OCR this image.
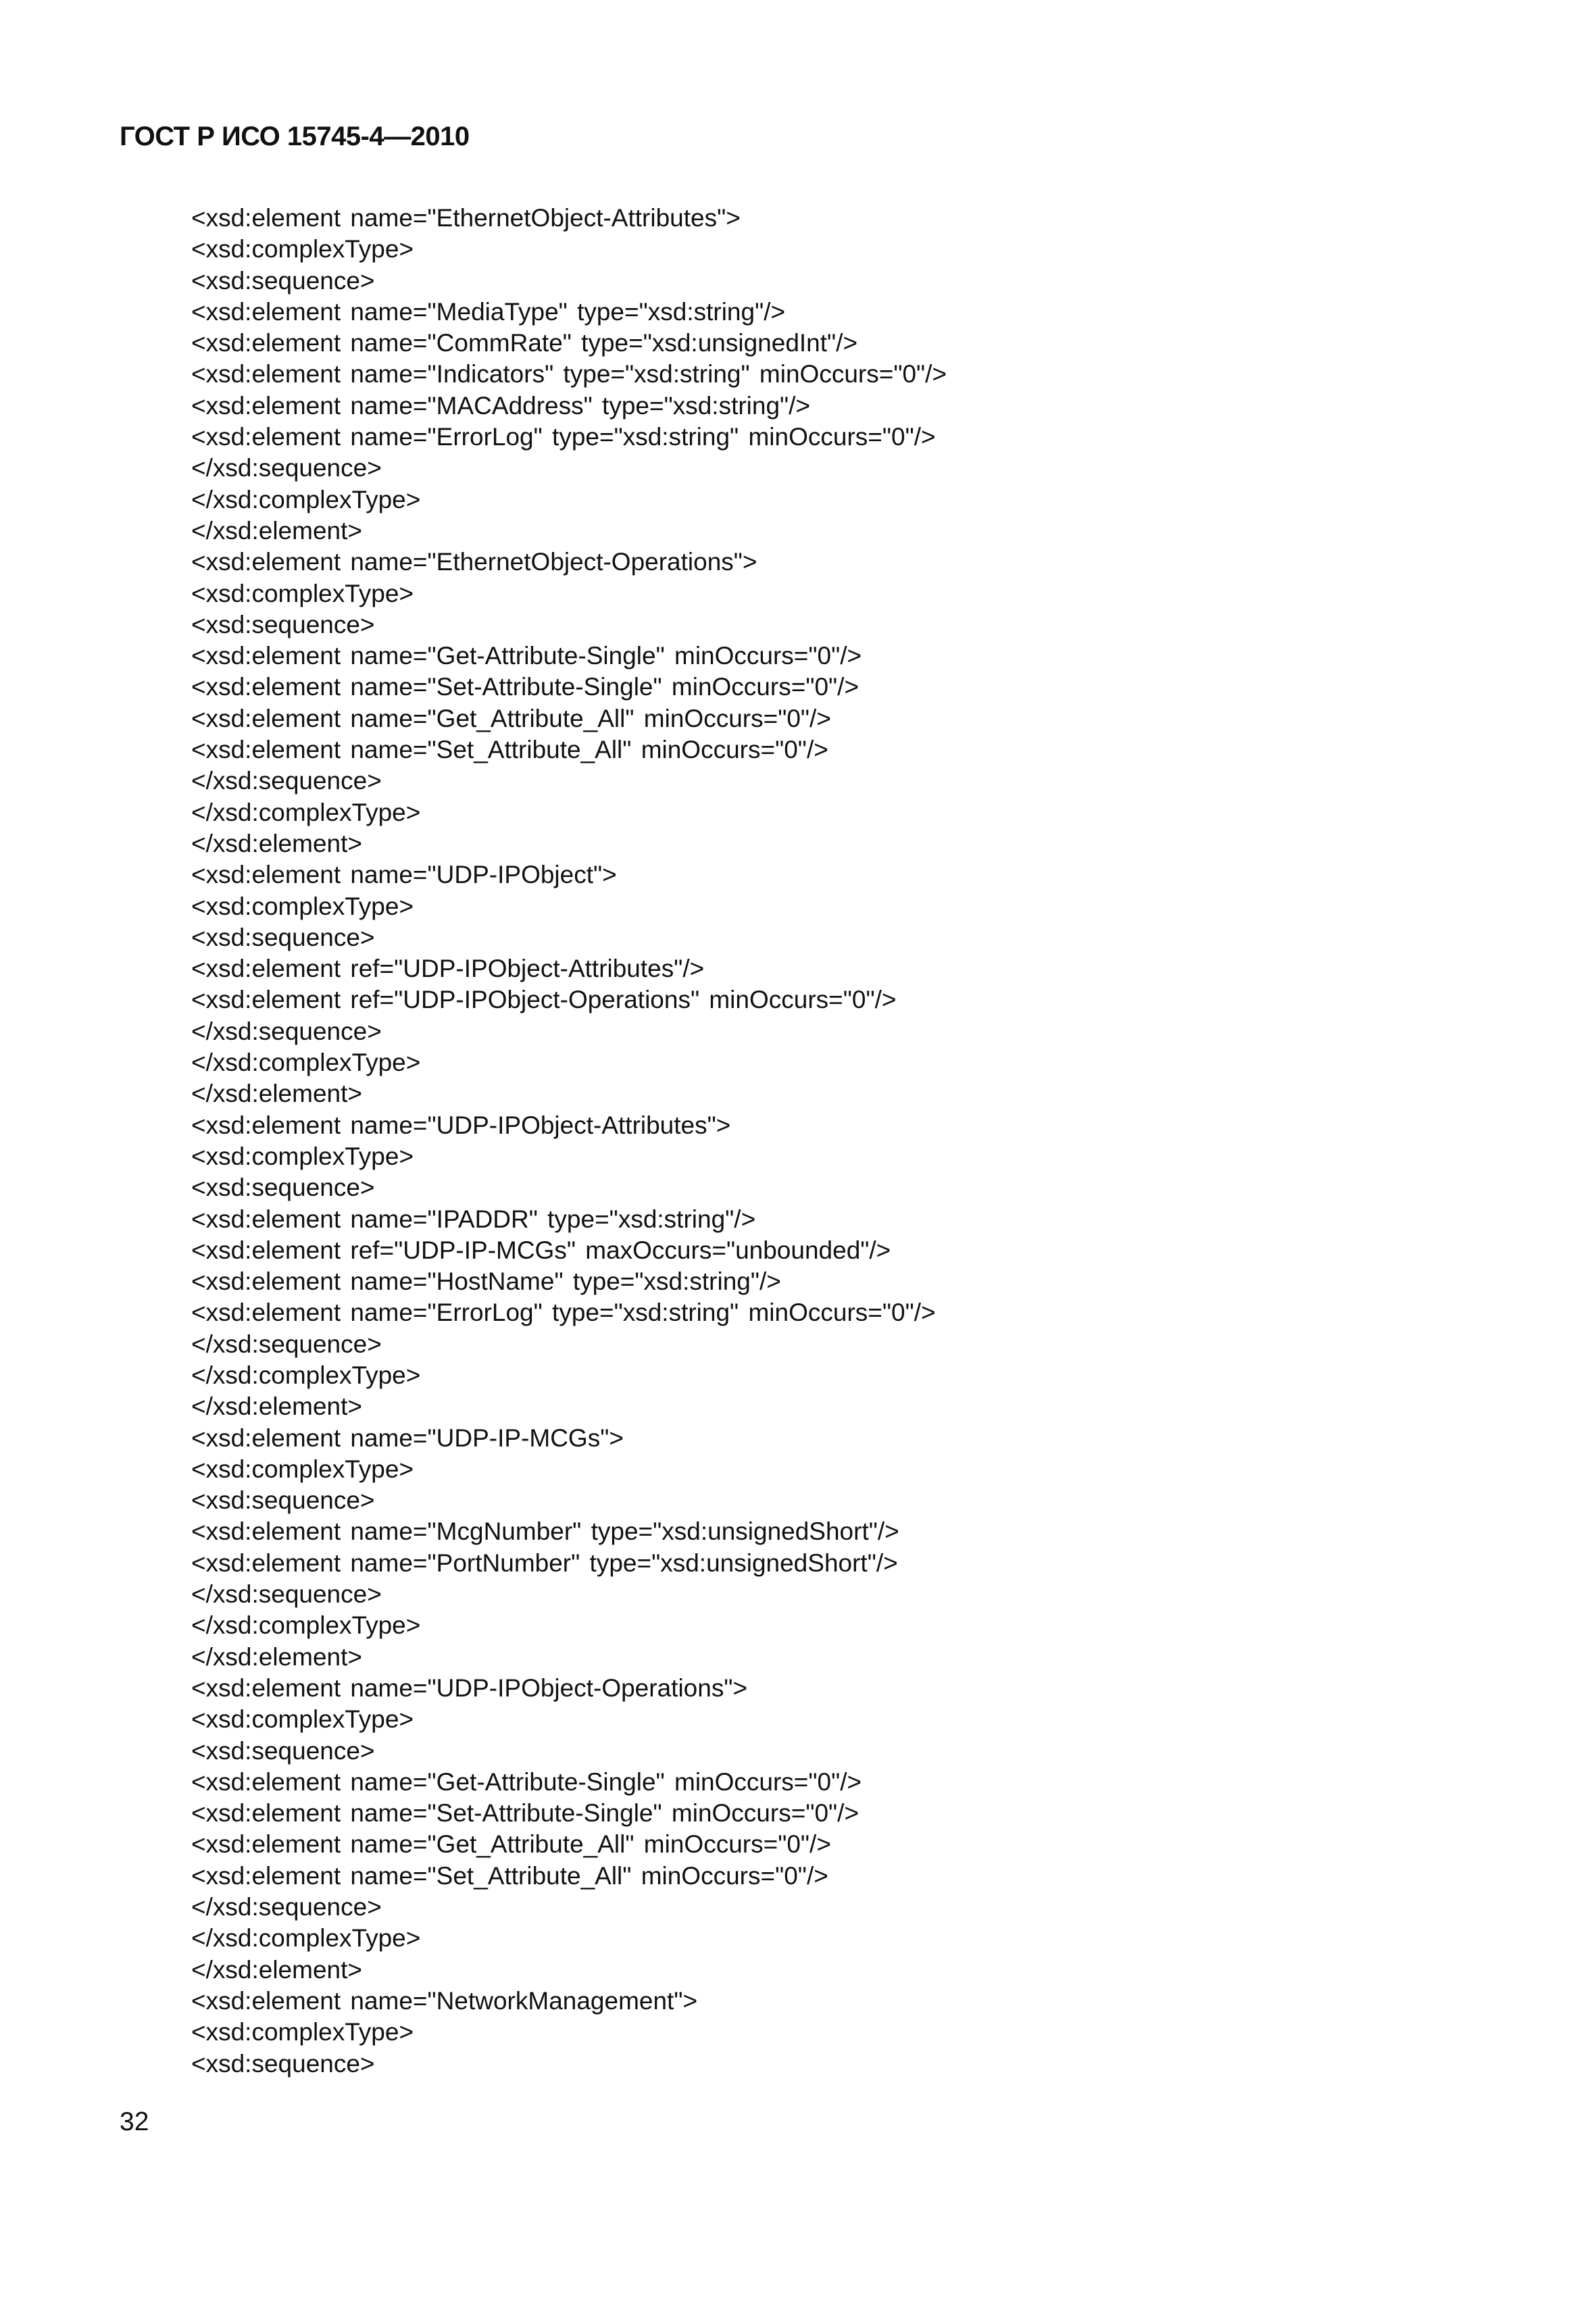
ГОСТ Р ИСО 15745-4—2010
<xsd:element name="EthernetObject-Attributes">
<xsd:complexType>
<xsd:sequence>
<xsd:element name="MediaType" type="xsd:string"/>
<xsd:element name="CommRate" type="xsd:unsignedInt"/>
<xsd:element name="Indicators" type="xsd:string" minOccurs="0"/>
<xsd:element name="MACAddress" type="xsd:string"/>
<xsd:element name="ErrorLog" type="xsd:string" minOccurs="0"/>
</xsd:sequence>
</xsd:complexType>
</xsd:element>
<xsd:element name="EthernetObject-Operations">
<xsd:complexType>
<xsd:sequence>
<xsd:element name="Get-Attribute-Single" minOccurs="0"/>
<xsd:element name="Set-Attribute-Single" minOccurs="0"/>
<xsd:element name="Get_Attribute_All" minOccurs="0"/>
<xsd:element name="Set_Attribute_All" minOccurs="0"/>
</xsd:sequence>
</xsd:complexType>
</xsd:element>
<xsd:element name="UDP-IPObject">
<xsd:complexType>
<xsd:sequence>
<xsd:element ref="UDP-IPObject-Attributes"/>
<xsd:element ref="UDP-IPObject-Operations" minOccurs="0"/>
</xsd:sequence>
</xsd:complexType>
</xsd:element>
<xsd:element name="UDP-IPObject-Attributes">
<xsd:complexType>
<xsd:sequence>
<xsd:element name="IPADDR" type="xsd:string"/>
<xsd:element ref="UDP-IP-MCGs" maxOccurs="unbounded"/>
<xsd:element name="HostName" type="xsd:string"/>
<xsd:element name="ErrorLog" type="xsd:string" minOccurs="0"/>
</xsd:sequence>
</xsd:complexType>
</xsd:element>
<xsd:element name="UDP-IP-MCGs">
<xsd:complexType>
<xsd:sequence>
<xsd:element name="McgNumber" type="xsd:unsignedShort"/>
<xsd:element name="PortNumber" type="xsd:unsignedShort"/>
</xsd:sequence>
</xsd:complexType>
</xsd:element>
<xsd:element name="UDP-IPObject-Operations">
<xsd:complexType>
<xsd:sequence>
<xsd:element name="Get-Attribute-Single" minOccurs="0"/>
<xsd:element name="Set-Attribute-Single" minOccurs="0"/>
<xsd:element name="Get_Attribute_All" minOccurs="0"/>
<xsd:element name="Set_Attribute_All" minOccurs="0"/>
</xsd:sequence>
</xsd:complexType>
</xsd:element>
<xsd:element name="NetworkManagement">
<xsd:complexType>
<xsd:sequence>
32
